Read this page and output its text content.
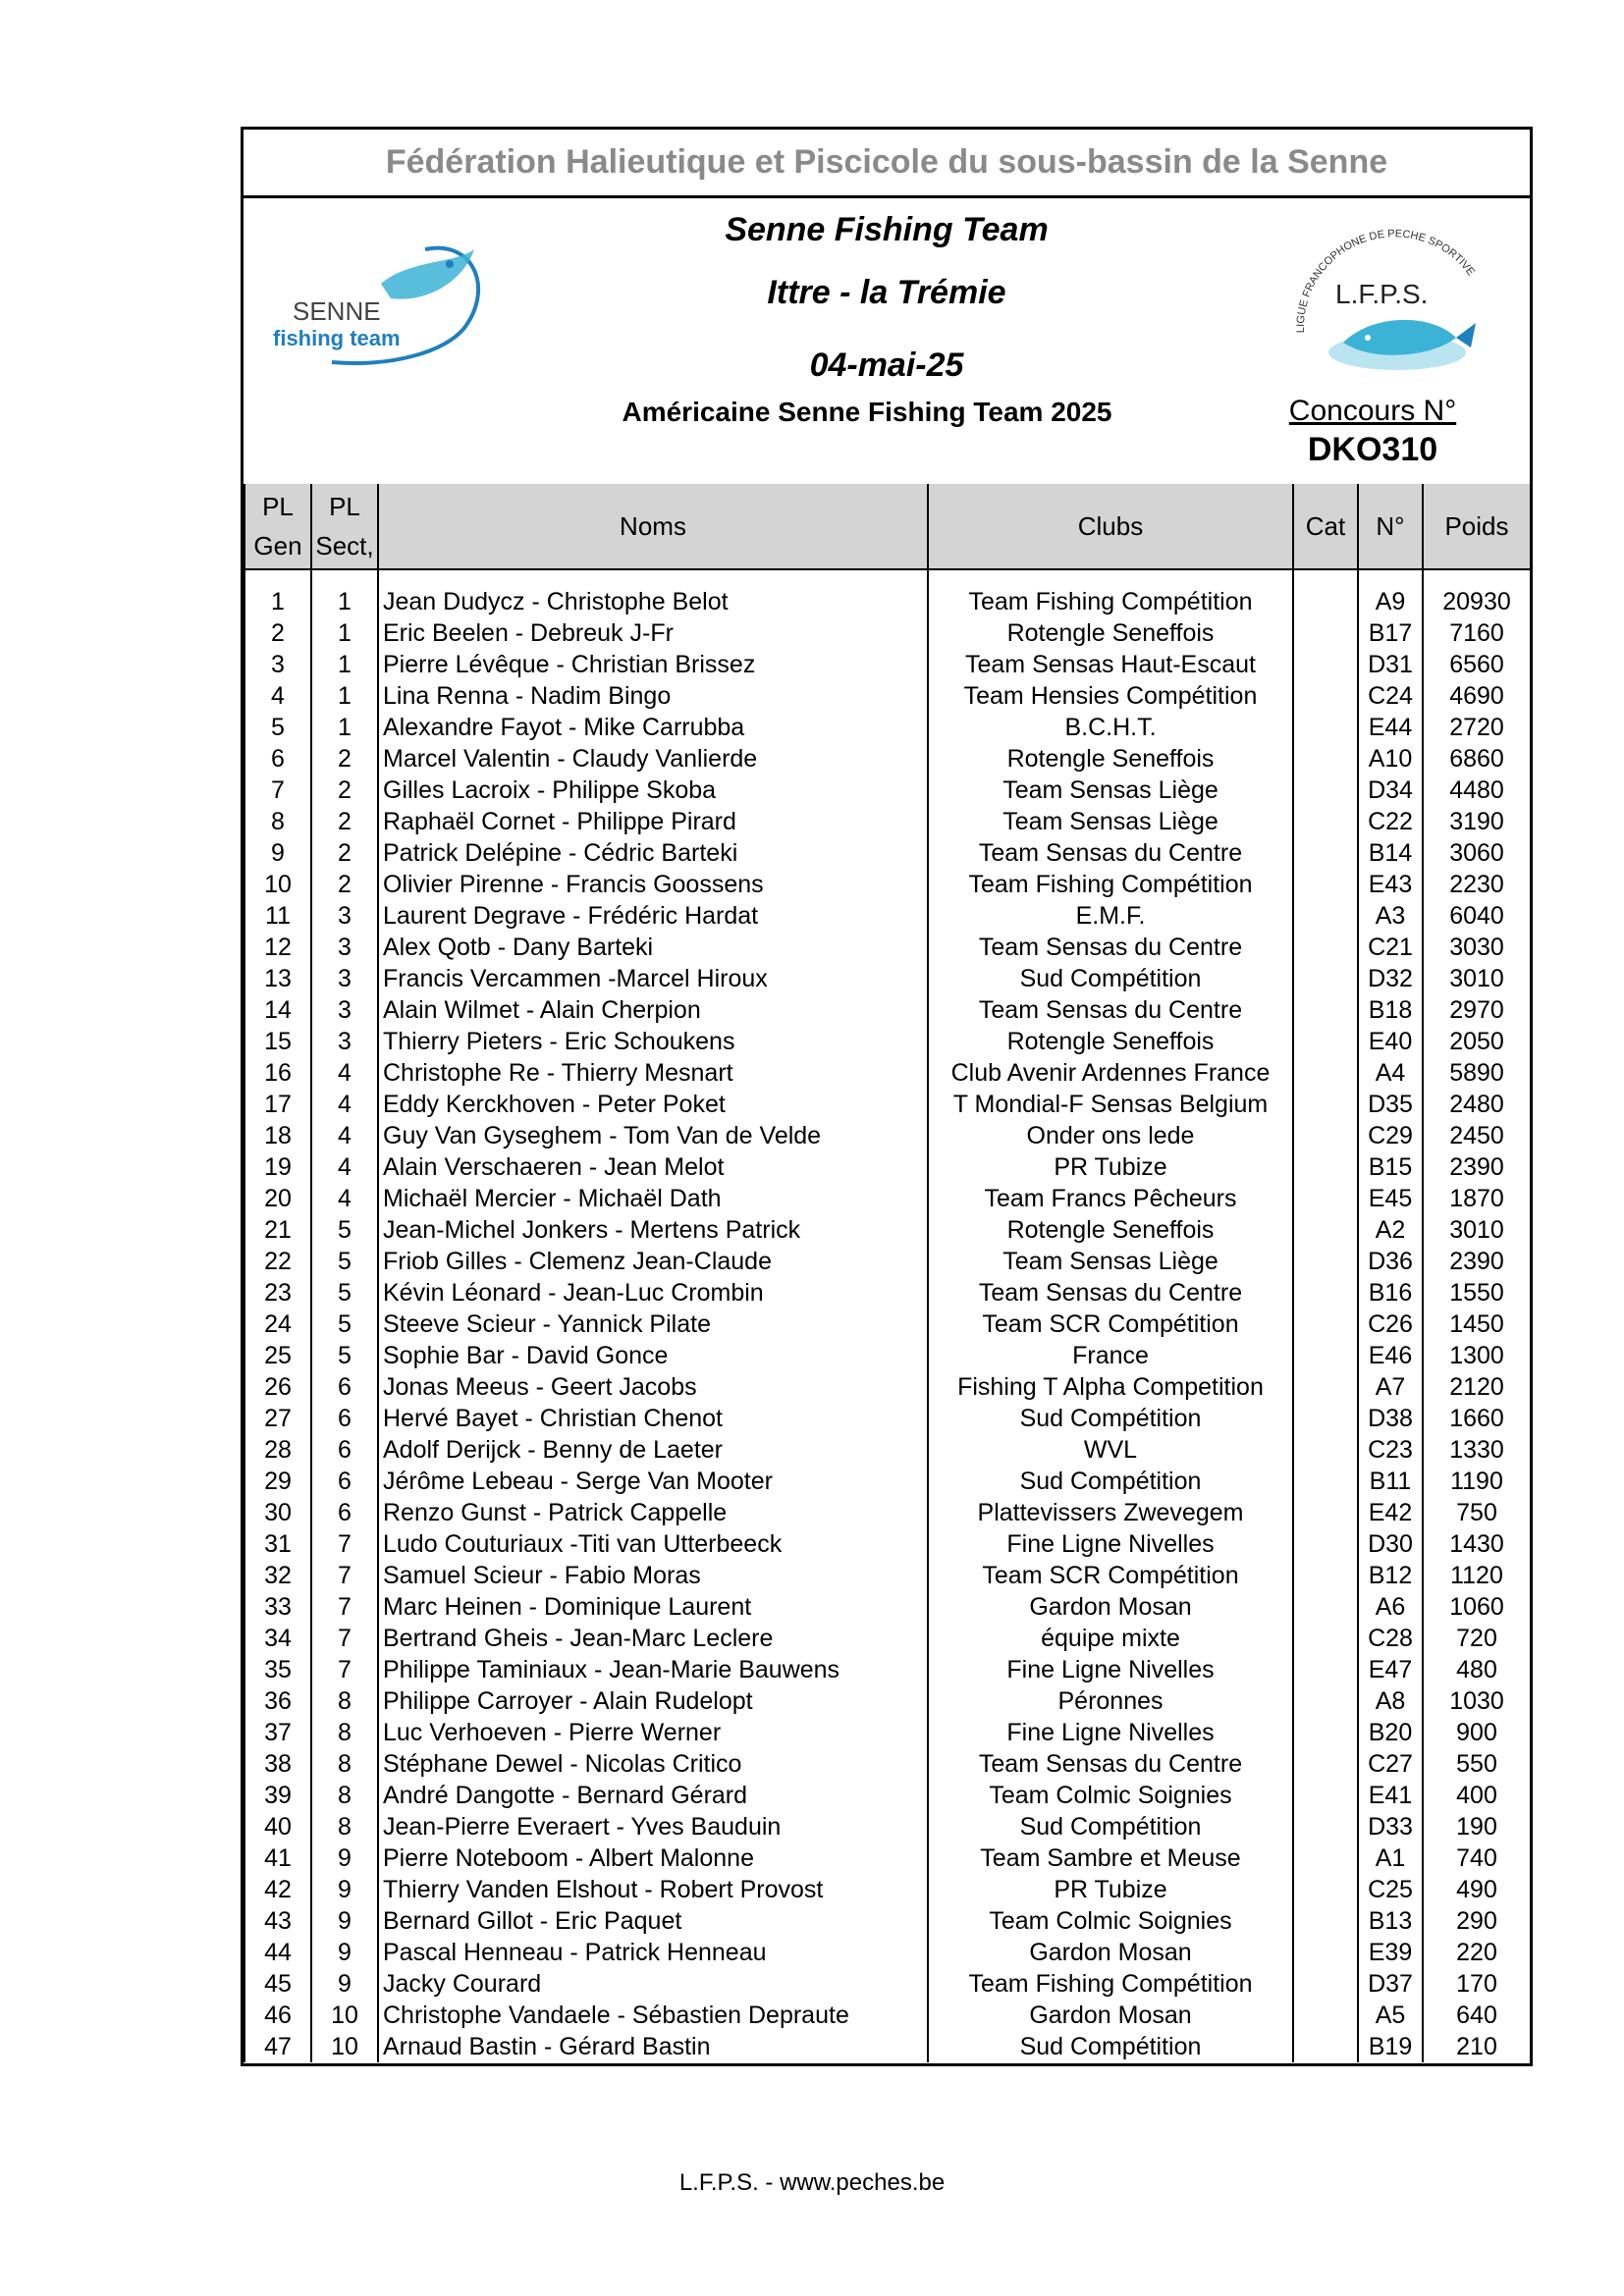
Fédération Halieutique et Piscicole du sous-bassin de la Senne
SENNE
fishing team
Senne Fishing Team
Ittre - la Trémie
04-mai-25
Américaine Senne Fishing Team 2025
LIGUE FRANCOPHONE DE PECHE SPORTIVE
L.F.P.S.
Concours N°
DKO310
PL
Gen	PL
Sect,	Noms	Clubs	Cat	N°	Poids

1	1	Jean Dudycz - Christophe Belot	Team Fishing Compétition		A9	20930
2	1	Eric Beelen - Debreuk J-Fr	Rotengle Seneffois		B17	7160
3	1	Pierre Lévêque - Christian Brissez	Team Sensas Haut-Escaut		D31	6560
4	1	Lina Renna - Nadim Bingo	Team Hensies Compétition		C24	4690
5	1	Alexandre Fayot - Mike Carrubba	B.C.H.T.		E44	2720
6	2	Marcel Valentin - Claudy Vanlierde	Rotengle Seneffois		A10	6860
7	2	Gilles Lacroix - Philippe Skoba	Team Sensas Liège		D34	4480
8	2	Raphaël Cornet - Philippe Pirard	Team Sensas Liège		C22	3190
9	2	Patrick Delépine - Cédric Barteki	Team Sensas du Centre		B14	3060
10	2	Olivier Pirenne - Francis Goossens	Team Fishing Compétition		E43	2230
11	3	Laurent Degrave - Frédéric Hardat	E.M.F.		A3	6040
12	3	Alex Qotb - Dany Barteki	Team Sensas du Centre		C21	3030
13	3	Francis Vercammen -Marcel Hiroux	Sud Compétition		D32	3010
14	3	Alain Wilmet - Alain Cherpion	Team Sensas du Centre		B18	2970
15	3	Thierry Pieters - Eric Schoukens	Rotengle Seneffois		E40	2050
16	4	Christophe Re - Thierry Mesnart	Club Avenir Ardennes France		A4	5890
17	4	Eddy Kerckhoven - Peter Poket	T Mondial-F Sensas Belgium		D35	2480
18	4	Guy Van Gyseghem - Tom Van de Velde	Onder ons lede		C29	2450
19	4	Alain Verschaeren - Jean Melot	PR Tubize		B15	2390
20	4	Michaël Mercier - Michaël Dath	Team Francs Pêcheurs		E45	1870
21	5	Jean-Michel Jonkers - Mertens Patrick	Rotengle Seneffois		A2	3010
22	5	Friob Gilles - Clemenz Jean-Claude	Team Sensas Liège		D36	2390
23	5	Kévin Léonard - Jean-Luc Crombin	Team Sensas du Centre		B16	1550
24	5	Steeve Scieur - Yannick Pilate	Team SCR Compétition		C26	1450
25	5	Sophie Bar - David Gonce	France		E46	1300
26	6	Jonas Meeus - Geert Jacobs	Fishing T Alpha Competition		A7	2120
27	6	Hervé Bayet - Christian Chenot	Sud Compétition		D38	1660
28	6	Adolf Derijck - Benny de Laeter	WVL		C23	1330
29	6	Jérôme Lebeau - Serge Van Mooter	Sud Compétition		B11	1190
30	6	Renzo Gunst - Patrick Cappelle	Plattevissers Zwevegem		E42	750
31	7	Ludo Couturiaux -Titi van Utterbeeck	Fine Ligne Nivelles		D30	1430
32	7	Samuel Scieur - Fabio Moras	Team SCR Compétition		B12	1120
33	7	Marc Heinen - Dominique Laurent	Gardon Mosan		A6	1060
34	7	Bertrand Gheis - Jean-Marc Leclere	équipe mixte		C28	720
35	7	Philippe Taminiaux - Jean-Marie Bauwens	Fine Ligne Nivelles		E47	480
36	8	Philippe Carroyer - Alain Rudelopt	Péronnes		A8	1030
37	8	Luc Verhoeven - Pierre Werner	Fine Ligne Nivelles		B20	900
38	8	Stéphane Dewel - Nicolas Critico	Team Sensas du Centre		C27	550
39	8	André Dangotte - Bernard Gérard	Team Colmic Soignies		E41	400
40	8	Jean-Pierre Everaert - Yves Bauduin	Sud Compétition		D33	190
41	9	Pierre Noteboom - Albert Malonne	Team Sambre et Meuse		A1	740
42	9	Thierry Vanden Elshout - Robert Provost	PR Tubize		C25	490
43	9	Bernard Gillot - Eric Paquet	Team Colmic Soignies		B13	290
44	9	Pascal Henneau - Patrick Henneau	Gardon Mosan		E39	220
45	9	Jacky Courard	Team Fishing Compétition		D37	170
46	10	Christophe Vandaele - Sébastien Depraute	Gardon Mosan		A5	640
47	10	Arnaud Bastin - Gérard Bastin	Sud Compétition		B19	210
L.F.P.S. - www.peches.be
